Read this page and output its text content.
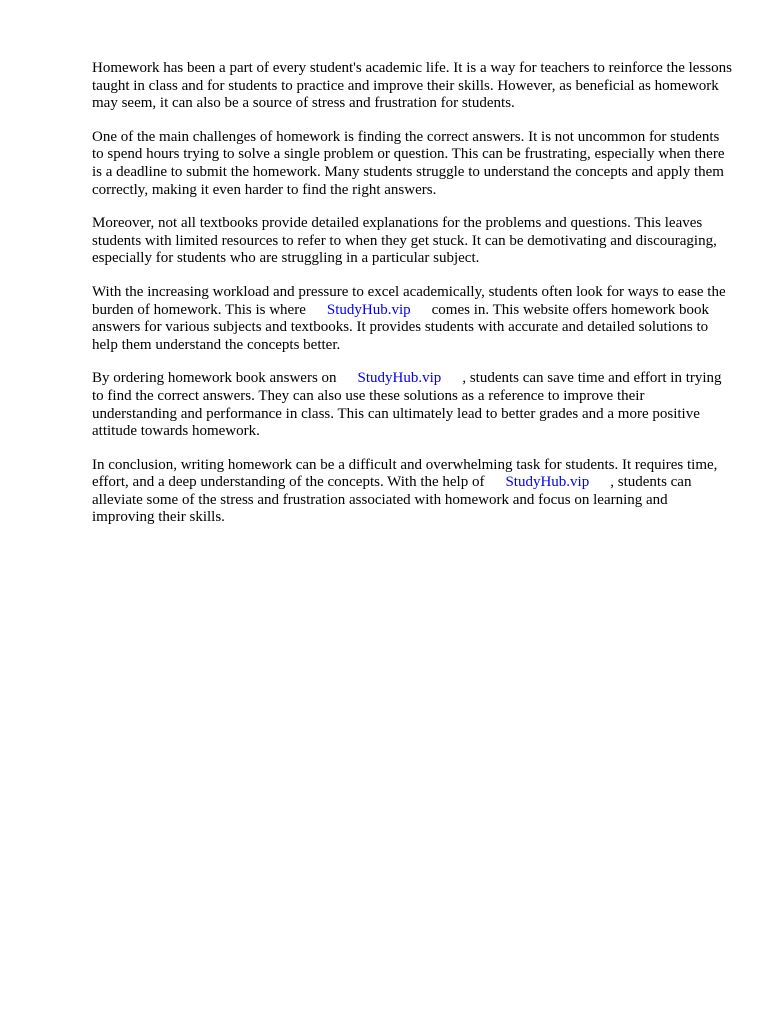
Homework has been a part of every student's academic life. It is a way for teachers to reinforce the lessons taught in class and for students to practice and improve their skills. However, as beneficial as homework may seem, it can also be a source of stress and frustration for students.

One of the main challenges of homework is finding the correct answers. It is not uncommon for students to spend hours trying to solve a single problem or question. This can be frustrating, especially when there is a deadline to submit the homework. Many students struggle to understand the concepts and apply them correctly, making it even harder to find the right answers.

Moreover, not all textbooks provide detailed explanations for the problems and questions. This leaves students with limited resources to refer to when they get stuck. It can be demotivating and discouraging, especially for students who are struggling in a particular subject.

With the increasing workload and pressure to excel academically, students often look for ways to ease the burden of homework. This is where StudyHub.vip comes in. This website offers homework book answers for various subjects and textbooks. It provides students with accurate and detailed solutions to help them understand the concepts better.

By ordering homework book answers on StudyHub.vip , students can save time and effort in trying to find the correct answers. They can also use these solutions as a reference to improve their understanding and performance in class. This can ultimately lead to better grades and a more positive attitude towards homework.

In conclusion, writing homework can be a difficult and overwhelming task for students. It requires time, effort, and a deep understanding of the concepts. With the help of StudyHub.vip , students can alleviate some of the stress and frustration associated with homework and focus on learning and improving their skills.
